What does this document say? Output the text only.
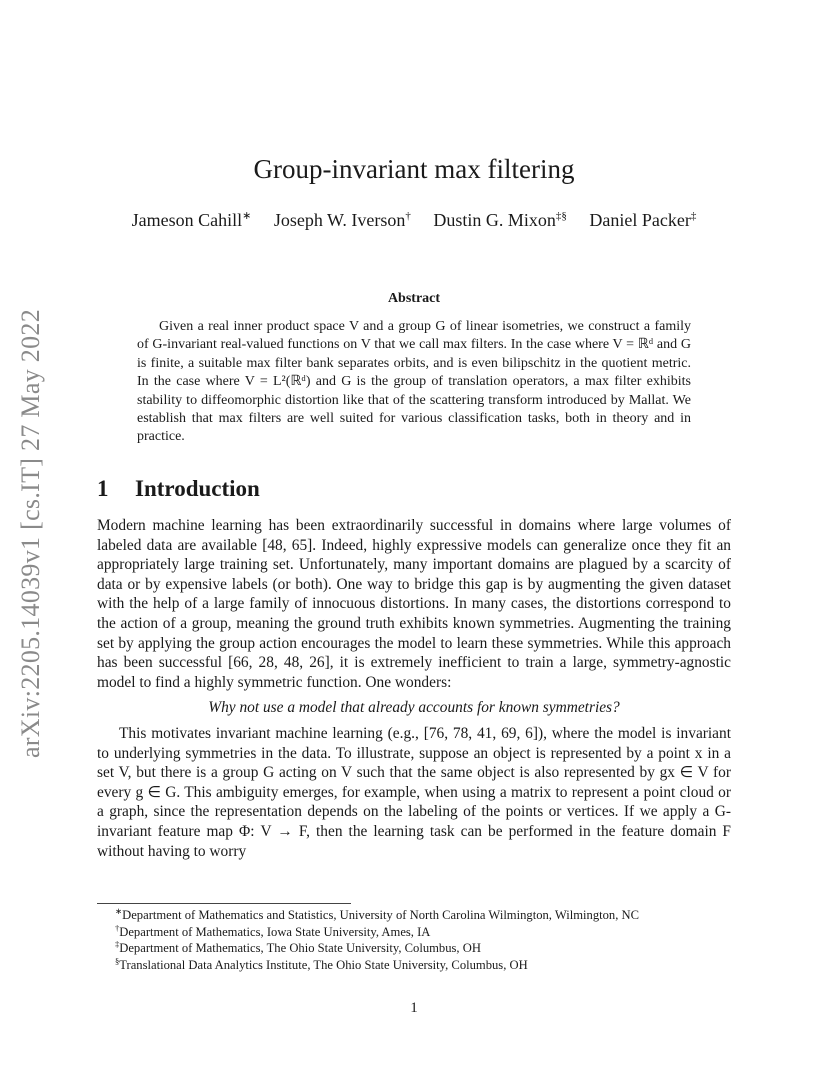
arXiv:2205.14039v1 [cs.IT] 27 May 2022
Group-invariant max filtering
Jameson Cahill∗ Joseph W. Iverson† Dustin G. Mixon‡§ Daniel Packer‡
Abstract

Given a real inner product space V and a group G of linear isometries, we construct a family of G-invariant real-valued functions on V that we call max filters. In the case where V = ℝᵈ and G is finite, a suitable max filter bank separates orbits, and is even bilipschitz in the quotient metric. In the case where V = L²(ℝᵈ) and G is the group of translation operators, a max filter exhibits stability to diffeomorphic distortion like that of the scattering transform introduced by Mallat. We establish that max filters are well suited for various classification tasks, both in theory and in practice.

1 Introduction

Modern machine learning has been extraordinarily successful in domains where large volumes of labeled data are available [48, 65]. Indeed, highly expressive models can generalize once they fit an appropriately large training set. Unfortunately, many important domains are plagued by a scarcity of data or by expensive labels (or both). One way to bridge this gap is by augmenting the given dataset with the help of a large family of innocuous distortions. In many cases, the distortions correspond to the action of a group, meaning the ground truth exhibits known symmetries. Augmenting the training set by applying the group action encourages the model to learn these symmetries. While this approach has been successful [66, 28, 48, 26], it is extremely inefficient to train a large, symmetry-agnostic model to find a highly symmetric function. One wonders:

Why not use a model that already accounts for known symmetries?

This motivates invariant machine learning (e.g., [76, 78, 41, 69, 6]), where the model is invariant to underlying symmetries in the data. To illustrate, suppose an object is represented by a point x in a set V, but there is a group G acting on V such that the same object is also represented by gx ∈ V for every g ∈ G. This ambiguity emerges, for example, when using a matrix to represent a point cloud or a graph, since the representation depends on the labeling of the points or vertices. If we apply a G-invariant feature map Φ: V → F, then the learning task can be performed in the feature domain F without having to worry

∗Department of Mathematics and Statistics, University of North Carolina Wilmington, Wilmington, NC
†Department of Mathematics, Iowa State University, Ames, IA
‡Department of Mathematics, The Ohio State University, Columbus, OH
§Translational Data Analytics Institute, The Ohio State University, Columbus, OH
1
